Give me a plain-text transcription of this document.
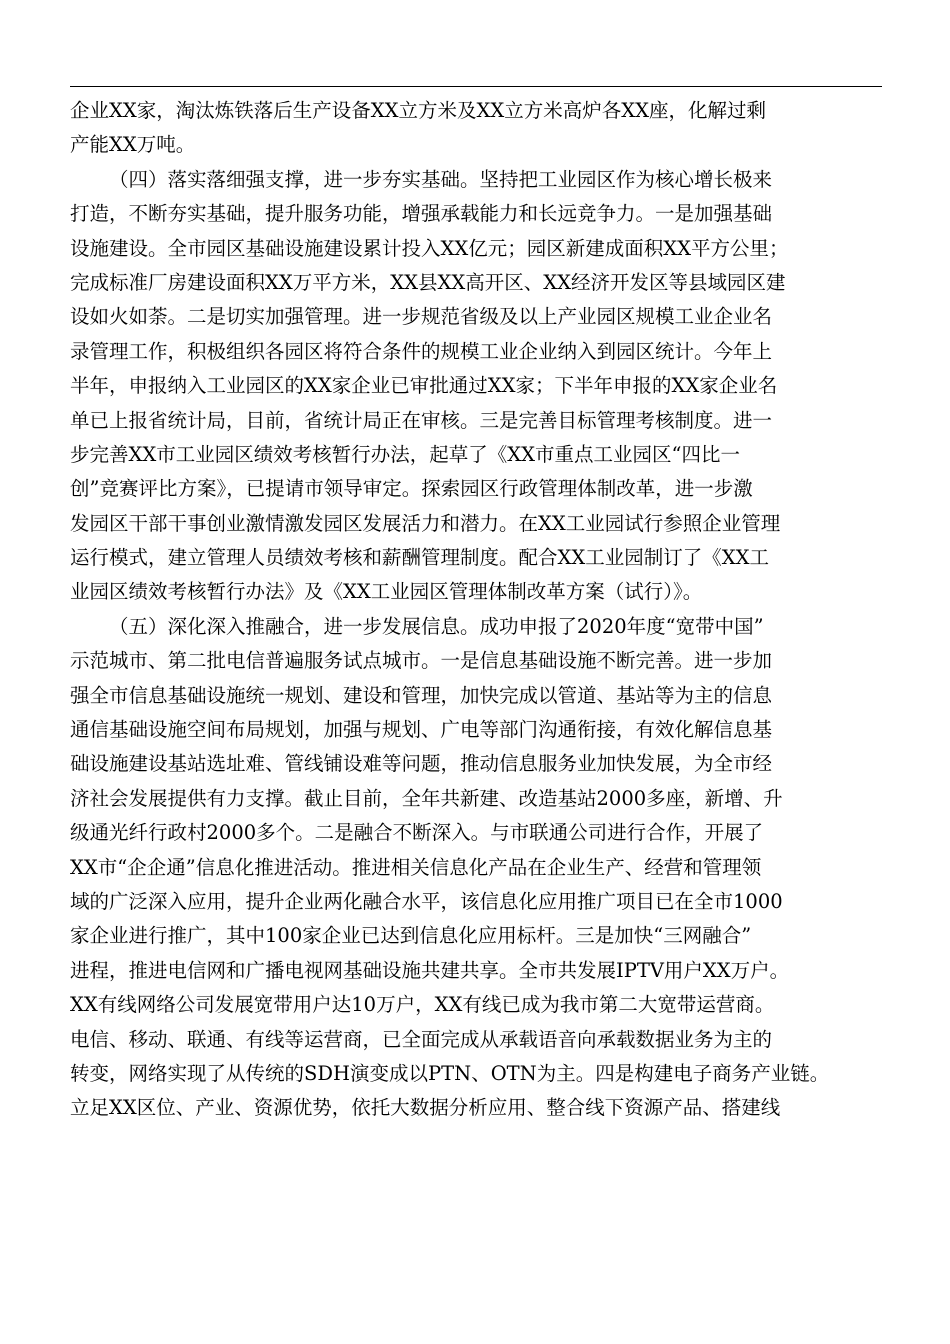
企业XX家，淘汰炼铁落后生产设备XX立方米及XX立方米高炉各XX座，化解过剩
产能XX万吨。
（四）落实落细强支撑，进一步夯实基础。坚持把工业园区作为核心增长极来
打造，不断夯实基础，提升服务功能，增强承载能力和长远竞争力。一是加强基础
设施建设。全市园区基础设施建设累计投入XX亿元；园区新建成面积XX平方公里；
完成标准厂房建设面积XX万平方米，XX县XX高开区、XX经济开发区等县域园区建
设如火如荼。二是切实加强管理。进一步规范省级及以上产业园区规模工业企业名
录管理工作，积极组织各园区将符合条件的规模工业企业纳入到园区统计。今年上
半年，申报纳入工业园区的XX家企业已审批通过XX家；下半年申报的XX家企业名
单已上报省统计局，目前，省统计局正在审核。三是完善目标管理考核制度。进一
步完善XX市工业园区绩效考核暂行办法，起草了《XX市重点工业园区“四比一
创”竞赛评比方案》，已提请市领导审定。探索园区行政管理体制改革，进一步激
发园区干部干事创业激情激发园区发展活力和潜力。在XX工业园试行参照企业管理
运行模式，建立管理人员绩效考核和薪酬管理制度。配合XX工业园制订了《XX工
业园区绩效考核暂行办法》及《XX工业园区管理体制改革方案（试行）》。
（五）深化深入推融合，进一步发展信息。成功申报了2020年度“宽带中国”
示范城市、第二批电信普遍服务试点城市。一是信息基础设施不断完善。进一步加
强全市信息基础设施统一规划、建设和管理，加快完成以管道、基站等为主的信息
通信基础设施空间布局规划，加强与规划、广电等部门沟通衔接，有效化解信息基
础设施建设基站选址难、管线铺设难等问题，推动信息服务业加快发展，为全市经
济社会发展提供有力支撑。截止目前，全年共新建、改造基站2000多座，新增、升
级通光纤行政村2000多个。二是融合不断深入。与市联通公司进行合作，开展了
XX市“企企通”信息化推进活动。推进相关信息化产品在企业生产、经营和管理领
域的广泛深入应用，提升企业两化融合水平，该信息化应用推广项目已在全市1000
家企业进行推广，其中100家企业已达到信息化应用标杆。三是加快“三网融合”
进程，推进电信网和广播电视网基础设施共建共享。全市共发展IPTV用户XX万户。
XX有线网络公司发展宽带用户达10万户，XX有线已成为我市第二大宽带运营商。
电信、移动、联通、有线等运营商，已全面完成从承载语音向承载数据业务为主的
转变，网络实现了从传统的SDH演变成以PTN、OTN为主。四是构建电子商务产业链。
立足XX区位、产业、资源优势，依托大数据分析应用、整合线下资源产品、搭建线
